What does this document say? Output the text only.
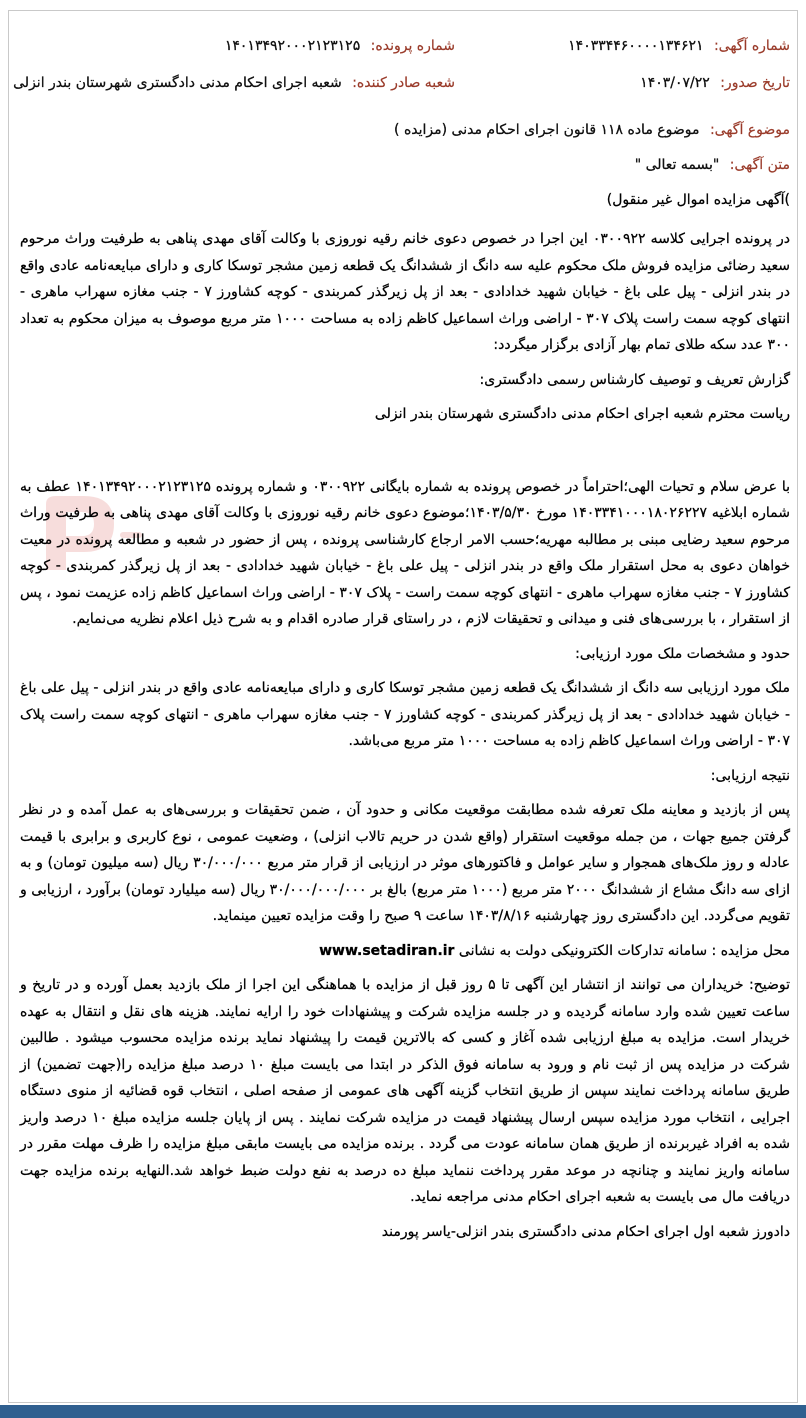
شماره آگهی: ۱۴۰۳۳۴۴۶۰۰۰۰۱۳۴۶۲۱
شماره پرونده: ۱۴۰۱۳۴۹۲۰۰۰۲۱۲۳۱۲۵
تاریخ صدور: ۱۴۰۳/۰۷/۲۲
شعبه صادر کننده: شعبه اجرای احکام مدنی دادگستری شهرستان بندر انزلی
موضوع آگهی: موضوع ماده ۱۱۸ قانون اجرای احکام مدنی (مزایده )
متن آگهی: "بسمه تعالی "
)آگهی مزایده اموال غیر منقول)

در پرونده اجرایی کلاسه ۰۳۰۰۹۲۲ این اجرا در خصوص دعوی خانم رقیه نوروزی با وکالت آقای مهدی پناهی به طرفیت وراث مرحوم سعید رضائی مزایده فروش ملک محکوم علیه سه دانگ از ششدانگ یک قطعه زمین مشجر توسکا کاری و دارای مبایعه‌نامه عادی واقع در بندر انزلی - پیل علی باغ - خیابان شهید خدادادی - بعد از پل زیرگذر کمربندی - کوچه کشاورز ۷ - جنب مغازه سهراب ماهری - انتهای کوچه سمت راست پلاک ۳۰۷ - اراضی وراث اسماعیل کاظم زاده به مساحت ۱۰۰۰ متر مربع موصوف به میزان محکوم به تعداد ۳۰۰ عدد سکه طلای تمام بهار آزادی برگزار میگردد:

گزارش تعریف و توصیف کارشناس رسمی دادگستری:

ریاست محترم شعبه اجرای احکام مدنی دادگستری شهرستان بندر انزلی

با عرض سلام و تحیات الهی؛احتراماً در خصوص پرونده به شماره بایگانی ۰۳۰۰۹۲۲ و شماره پرونده ۱۴۰۱۳۴۹۲۰۰۰۲۱۲۳۱۲۵ عطف به شماره ابلاغیه ۱۴۰۳۳۴۱۰۰۰۱۸۰۲۶۲۲۷ مورخ ۱۴۰۳/۵/۳۰؛موضوع دعوی خانم رقیه نوروزی با وکالت آقای مهدی پناهی به طرفیت وراث مرحوم سعید رضایی مبنی بر مطالبه مهریه؛حسب الامر ارجاع کارشناسی پرونده ، پس از حضور در شعبه و مطالعه پرونده در معیت خواهان دعوی به محل استقرار ملک واقع در بندر انزلی - پیل علی باغ - خیابان شهید خدادادی - بعد از پل زیرگذر کمربندی - کوچه کشاورز ۷ - جنب مغازه سهراب ماهری - انتهای کوچه سمت راست - پلاک ۳۰۷ - اراضی وراث اسماعیل کاظم زاده عزیمت نمود ، پس از استقرار ، با بررسی‌های فنی و میدانی و تحقیقات لازم ، در راستای قرار صادره اقدام و به شرح ذیل اعلام نظریه می‌نمایم.

حدود و مشخصات ملک مورد ارزیابی:

ملک مورد ارزیابی سه دانگ از ششدانگ یک قطعه زمین مشجر توسکا کاری و دارای مبایعه‌نامه عادی واقع در بندر انزلی - پیل علی باغ - خیابان شهید خدادادی - بعد از پل زیرگذر کمربندی - کوچه کشاورز ۷ - جنب مغازه سهراب ماهری - انتهای کوچه سمت راست پلاک ۳۰۷ - اراضی وراث اسماعیل کاظم زاده به مساحت ۱۰۰۰ متر مربع می‌باشد.

نتیجه ارزیابی:

پس از بازدید و معاینه ملک تعرفه شده مطابقت موقعیت مکانی و حدود آن ، ضمن تحقیقات و بررسی‌های به عمل آمده و در نظر گرفتن جمیع جهات ، من جمله موقعیت استقرار (واقع شدن در حریم تالاب انزلی) ، وضعیت عمومی ، نوع کاربری و برابری با قیمت عادله و روز ملک‌های همجوار و سایر عوامل و فاکتورهای موثر در ارزیابی از قرار متر مربع ۳۰/۰۰۰/۰۰۰ ریال (سه میلیون تومان) و به ازای سه دانگ مشاع از ششدانگ ۲۰۰۰ متر مربع (۱۰۰۰ متر مربع) بالغ بر ۳۰/۰۰۰/۰۰۰/۰۰۰ ریال (سه میلیارد تومان) برآورد ، ارزیابی و تقویم می‌گردد. این دادگستری روز چهارشنبه ۱۴۰۳/۸/۱۶ ساعت ۹ صبح را وقت مزایده تعیین مینماید.

محل مزایده : سامانه تدارکات الکترونیکی دولت به نشانی www.setadiran.ir

توضیح: خریداران می توانند از انتشار این آگهی تا ۵ روز قبل از مزایده با هماهنگی این اجرا از ملک بازدید بعمل آورده و در تاریخ و ساعت تعیین شده وارد سامانه گردیده و در جلسه مزایده شرکت و پیشنهادات خود را ارایه نمایند. هزینه های نقل و انتقال به عهده خریدار است. مزایده به مبلغ ارزیابی شده آغاز و کسی که بالاترین قیمت را پیشنهاد نماید برنده مزایده محسوب میشود . طالبین شرکت در مزایده پس از ثبت نام و ورود به سامانه فوق الذکر در ابتدا می بایست مبلغ ۱۰ درصد مبلغ مزایده را(جهت تضمین) از طریق سامانه پرداخت نمایند سپس از طریق انتخاب گزینه آگهی های عمومی از صفحه اصلی ، انتخاب قوه قضائیه از منوی دستگاه اجرایی ، انتخاب مورد مزایده سپس ارسال پیشنهاد قیمت در مزایده شرکت نمایند . پس از پایان جلسه مزایده مبلغ ۱۰ درصد واریز شده به افراد غیربرنده از طریق همان سامانه عودت می گردد . برنده مزایده می بایست مابقی مبلغ مزایده را ظرف مهلت مقرر در سامانه واریز نمایند و چنانچه در موعد مقرر پرداخت ننماید مبلغ ده درصد به نفع دولت ضبط خواهد شد.النهایه برنده مزایده جهت دریافت مال می بایست به شعبه اجرای احکام مدنی مراجعه نماید.

دادورز شعبه اول اجرای احکام مدنی دادگستری بندر انزلی-یاسر پورمند
